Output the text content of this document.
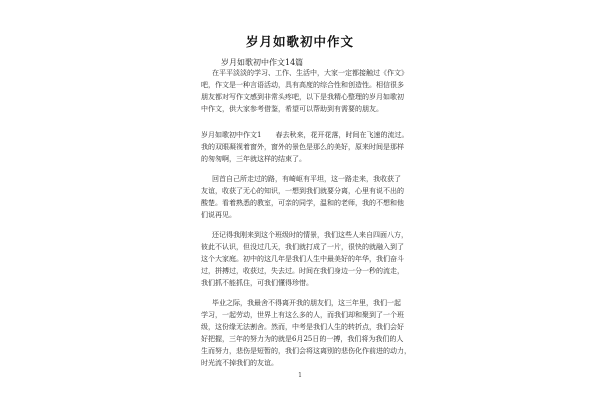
岁月如歌初中作文
岁月如歌初中作文14篇
在平平淡淡的学习、工作、生活中，大家一定都接触过《作文》
吧，作文是一种言语活动，具有高度的综合性和创造性。相信很多
朋友都对写作文感到非常头疼吧，以下是我精心整理的岁月如歌初
中作文，供大家参考借鉴，希望可以帮助到有需要的朋友。
岁月如歌初中作文1　　春去秋来，花开花落，时间在飞速的流过。
我的双眼凝视着窗外，窗外的景色是那么的美好，原来时间是那样
的匆匆啊，三年就这样的结束了。
回首自己所走过的路，有崎岖有平坦，这一路走来，我收获了
友谊，收获了无心的知识，一想到我们就要分离，心里有说不出的
酸楚。看着熟悉的教室，可亲的同学，温和的老师，我的不想和他
们说再见。
还记得我刚来到这个班级时的情景，我们这些人来自四面八方，
彼此不认识，但没过几天，我们就打成了一片，很快的就融入到了
这个大家庭。初中的这几年是我们人生中最美好的年华，我们奋斗
过，拼搏过，收获过，失去过。时间在我们身边一分一秒的流走，
我们抓不能抓住，可我们懂得珍惜。
毕业之际，我最舍不得离开我的朋友们，这三年里，我们一起
学习，一起劳动，世界上有这么多的人，而我们却和聚到了一个班
级，这份缘无法割舍。然而，中考是我们人生的转折点，我们会好
好把握，三年的努力为的就是6月25日的一搏，我们将为我们的人
生而努力，悲伤是短暂的，我们会将这离别的悲伤化作前进的动力，
时光流不掉我们的友谊。
1
